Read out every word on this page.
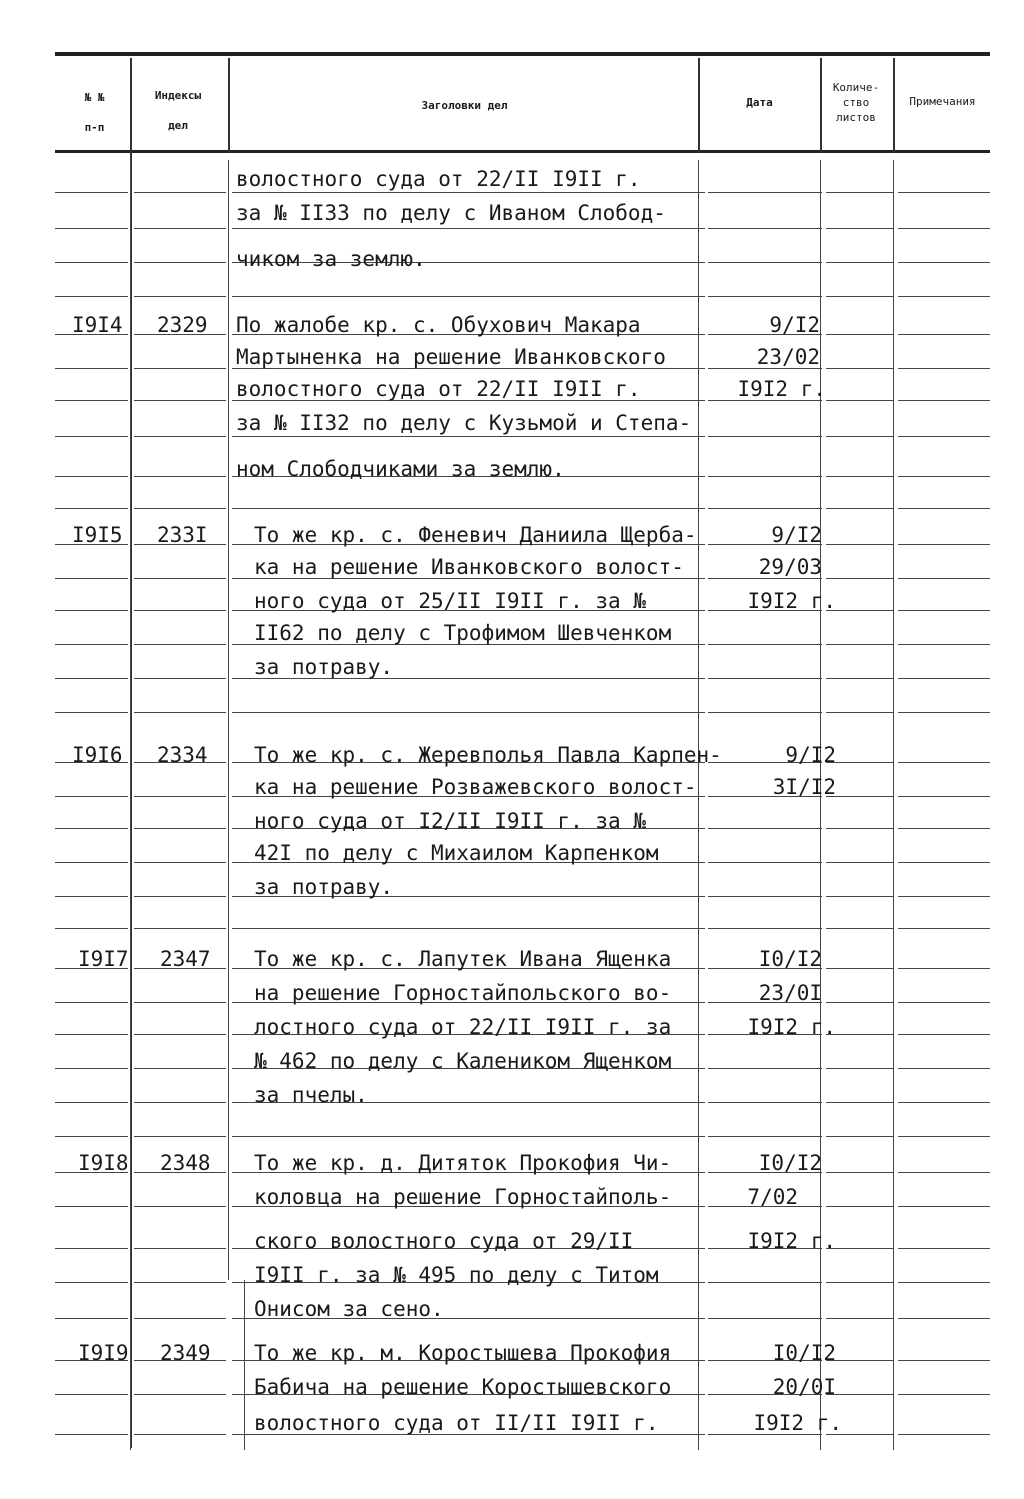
№ №
п-п
Индексы
дел
Заголовки дел	Дата
Количе-
ство
листов
Примечания
волостного суда от 22/II I9II г.
за № II33 по делу с Иваном Слобод-
чиком за землю.
I9I4 2329 По жалобе кр. с. Обухович Макара
Мартыненка на решение Иванковского
волостного суда от 22/II I9II г.
за № II32 по делу с Кузьмой и Степа-
ном Слободчиками за землю.
9/I2
23/02
I9I2 г.
I9I5 233I То же кр. с. Феневич Даниила Щерба-
ка на решение Иванковского волост-
ного суда от 25/II I9II г. за №
II62 по делу с Трофимом Шевченком
за потраву.
9/I2
29/03
I9I2 г.
I9I6 2334 То же кр. с. Жеревполья Павла Карпен-
ка на решение Розважевского волост-
ного суда от I2/II I9II г. за №
42I по делу с Михаилом Карпенком
за потраву.
9/I2
3I/I2
I9I7 2347 То же кр. с. Лапутек Ивана Ященка
на решение Горностайпольского во-
лостного суда от 22/II I9II г. за
№ 462 по делу с Калеником Ященком
за пчелы.
I0/I2
23/0I
I9I2 г.
I9I8 2348 То же кр. д. Дитяток Прокофия Чи-
коловца на решение Горностайполь-
ского волостного суда от 29/II
I9II г. за № 495 по делу с Титом
Онисом за сено.
I0/I2
7/02
I9I2 г.
I9I9 2349 То же кр. м. Коростышева Прокофия
Бабича на решение Коростышевского
волостного суда от II/II I9II г.
I0/I2
20/0I
I9I2 г.
